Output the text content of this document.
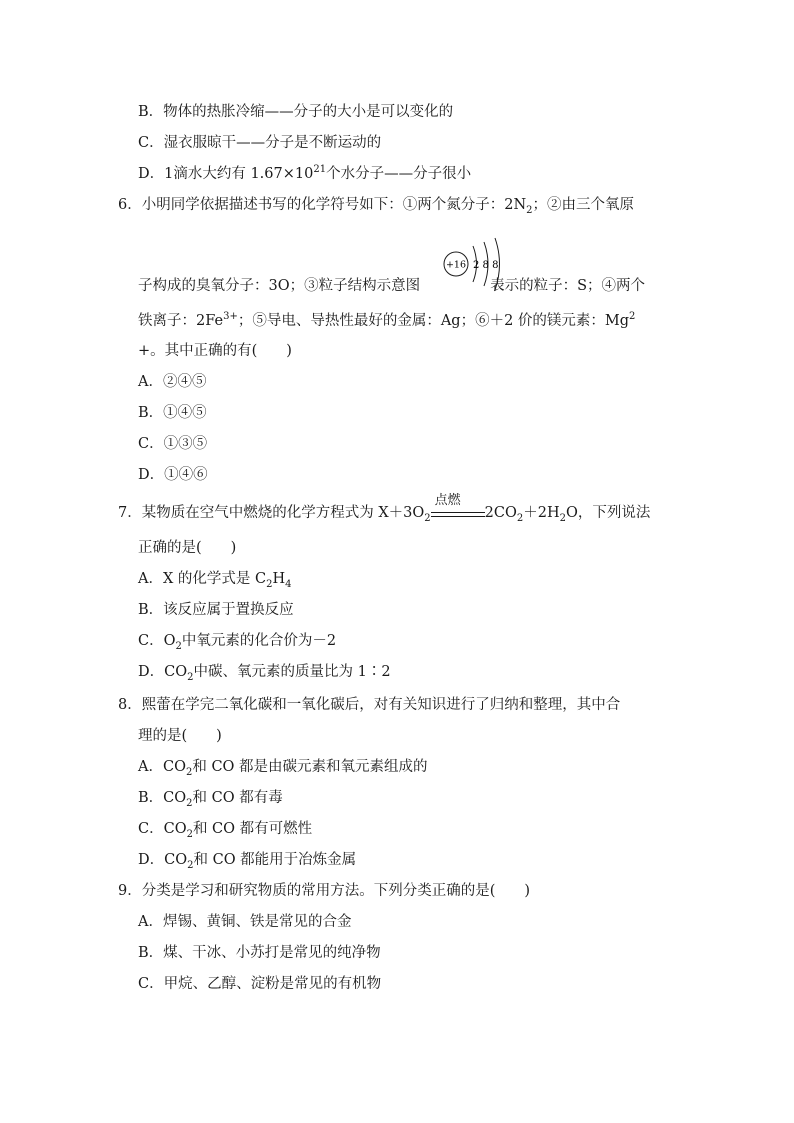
B．物体的热胀冷缩——分子的大小是可以变化的
C．湿衣服晾干——分子是不断运动的
D．1滴水大约有 $1.67\times 10^{21}$个水分子——分子很小
6．小明同学依据描述书写的化学符号如下：①两个氮分子：$2N_2$；②由三个氧原
+16 2 8 8
子构成的臭氧分子：3O；③粒子结构示意图	表示的粒子：S；④两个
铁离子：$2Fe^{3+}$；⑤导电、导热性最好的金属：Ag；⑥＋2 价的镁元素：$Mg^2$
+。其中正确的有(　　)
A．②④⑤
B．①④⑤
C．①③⑤
D．①④⑥
7．某物质在空气中燃烧的化学方程式为 $X+3O_2$
点燃
$2CO_2+2H_2O$，下列说法
正确的是(　　)
A．X 的化学式是 $C_2H_4$
B．该反应属于置换反应
C．$O_2$中氧元素的化合价为－2
D．$CO_2$中碳、氧元素的质量比为 1∶2
8．熙蕾在学完二氧化碳和一氧化碳后，对有关知识进行了归纳和整理，其中合
理的是(　　)
A．$CO_2$和 CO 都是由碳元素和氧元素组成的
B．$CO_2$和 CO 都有毒
C．$CO_2$和 CO 都有可燃性
D．$CO_2$和 CO 都能用于冶炼金属
9．分类是学习和研究物质的常用方法。下列分类正确的是(　　)
A．焊锡、黄铜、铁是常见的合金
B．煤、干冰、小苏打是常见的纯净物
C．甲烷、乙醇、淀粉是常见的有机物
